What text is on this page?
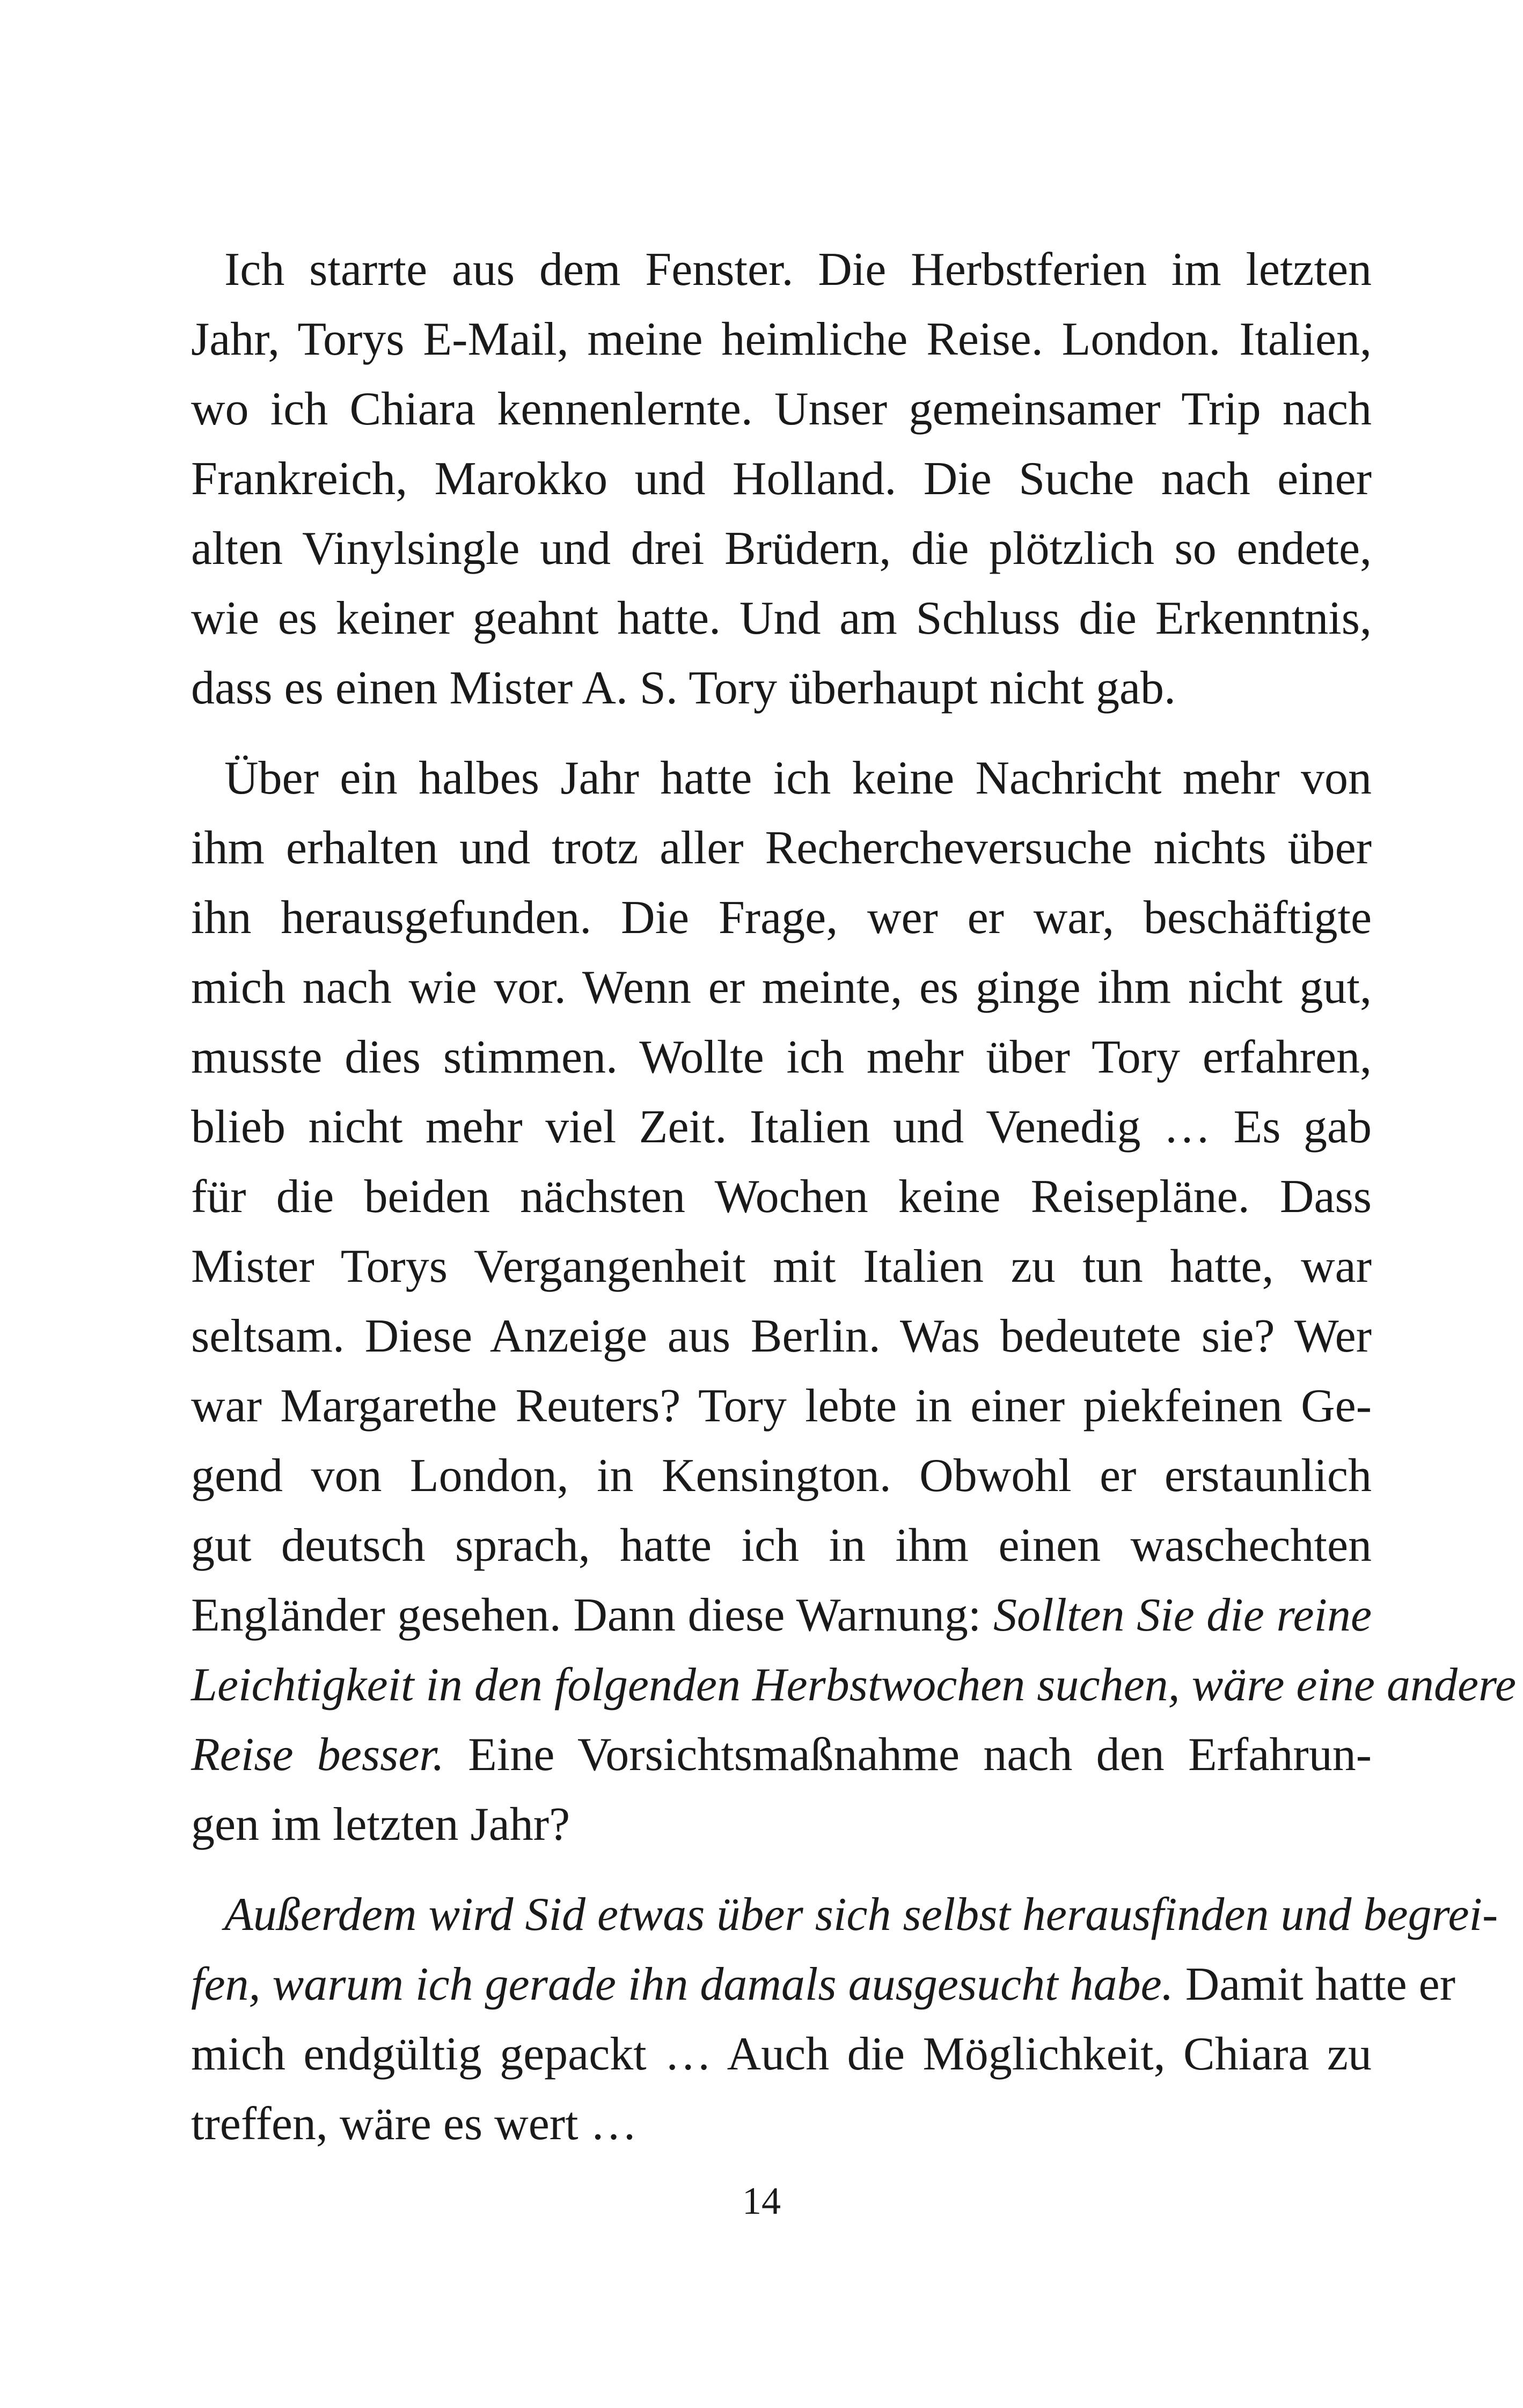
Ich starrte aus dem Fenster. Die Herbstferien im letzten
Jahr, Torys E-Mail, meine heimliche Reise. London. Italien,
wo ich Chiara kennenlernte. Unser gemeinsamer Trip nach
Frankreich, Marokko und Holland. Die Suche nach einer
alten Vinylsingle und drei Brüdern, die plötzlich so endete,
wie es keiner geahnt hatte. Und am Schluss die Erkenntnis,
dass es einen Mister A. S. Tory überhaupt nicht gab.
Über ein halbes Jahr hatte ich keine Nachricht mehr von
ihm erhalten und trotz aller Rechercheversuche nichts über
ihn herausgefunden. Die Frage, wer er war, beschäftigte
mich nach wie vor. Wenn er meinte, es ginge ihm nicht gut,
musste dies stimmen. Wollte ich mehr über Tory erfahren,
blieb nicht mehr viel Zeit. Italien und Venedig … Es gab
für die beiden nächsten Wochen keine Reisepläne. Dass
Mister Torys Vergangenheit mit Italien zu tun hatte, war
seltsam. Diese Anzeige aus Berlin. Was bedeutete sie? Wer
war Margarethe Reuters? Tory lebte in einer piekfeinen Ge-
gend von London, in Kensington. Obwohl er erstaunlich
gut deutsch sprach, hatte ich in ihm einen waschechten
Engländer gesehen. Dann diese Warnung: Sollten Sie die reine
Leichtigkeit in den folgenden Herbstwochen suchen, wäre eine andere
Reise besser. Eine Vorsichtsmaßnahme nach den Erfahrun-
gen im letzten Jahr?
Außerdem wird Sid etwas über sich selbst herausfinden und begrei-
fen, warum ich gerade ihn damals ausgesucht habe. Damit hatte er
mich endgültig gepackt … Auch die Möglichkeit, Chiara zu
treffen, wäre es wert …
14
